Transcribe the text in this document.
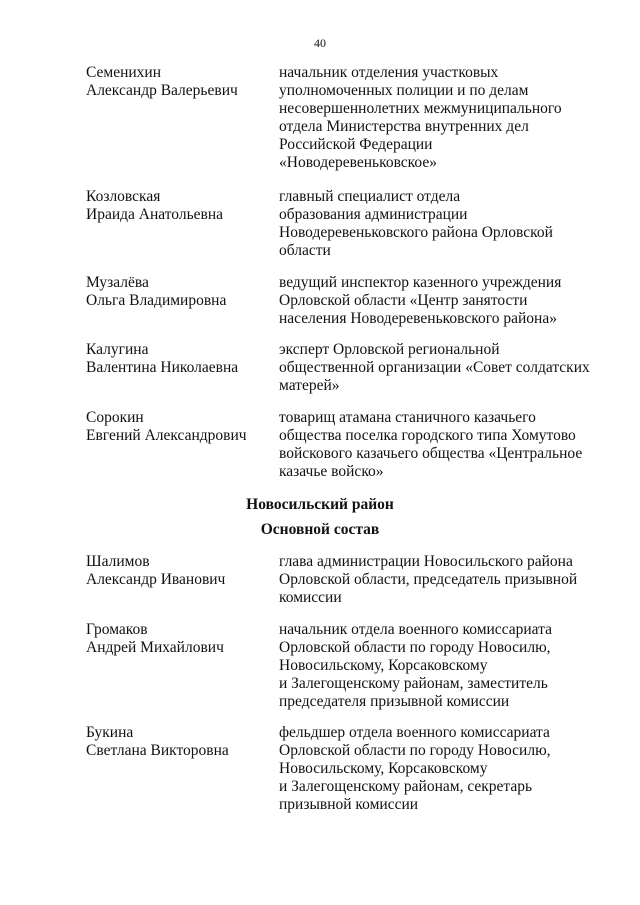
40
Семенихин
Александр Валерьевич
начальник отделения участковых
уполномоченных полиции и по делам
несовершеннолетних межмуниципального
отдела Министерства внутренних дел
Российской Федерации
«Новодеревеньковское»
Козловская
Ираида Анатольевна
главный специалист отдела
образования администрации
Новодеревеньковского района Орловской
области
Музалёва
Ольга Владимировна
ведущий инспектор казенного учреждения
Орловской области «Центр занятости
населения Новодеревеньковского района»
Калугина
Валентина Николаевна
эксперт Орловской региональной
общественной организации «Совет солдатских
матерей»
Сорокин
Евгений Александрович
товарищ атамана станичного казачьего
общества поселка городского типа Хомутово
войскового казачьего общества «Центральное
казачье войско»
Новосильский район
Основной состав
Шалимов
Александр Иванович
глава администрации Новосильского района
Орловской области, председатель призывной
комиссии
Громаков
Андрей Михайлович
начальник отдела военного комиссариата
Орловской области по городу Новосилю,
Новосильскому, Корсаковскому
и Залегощенскому районам, заместитель
председателя призывной комиссии
Букина
Светлана Викторовна
фельдшер отдела военного комиссариата
Орловской области по городу Новосилю,
Новосильскому, Корсаковскому
и Залегощенскому районам, секретарь
призывной комиссии
